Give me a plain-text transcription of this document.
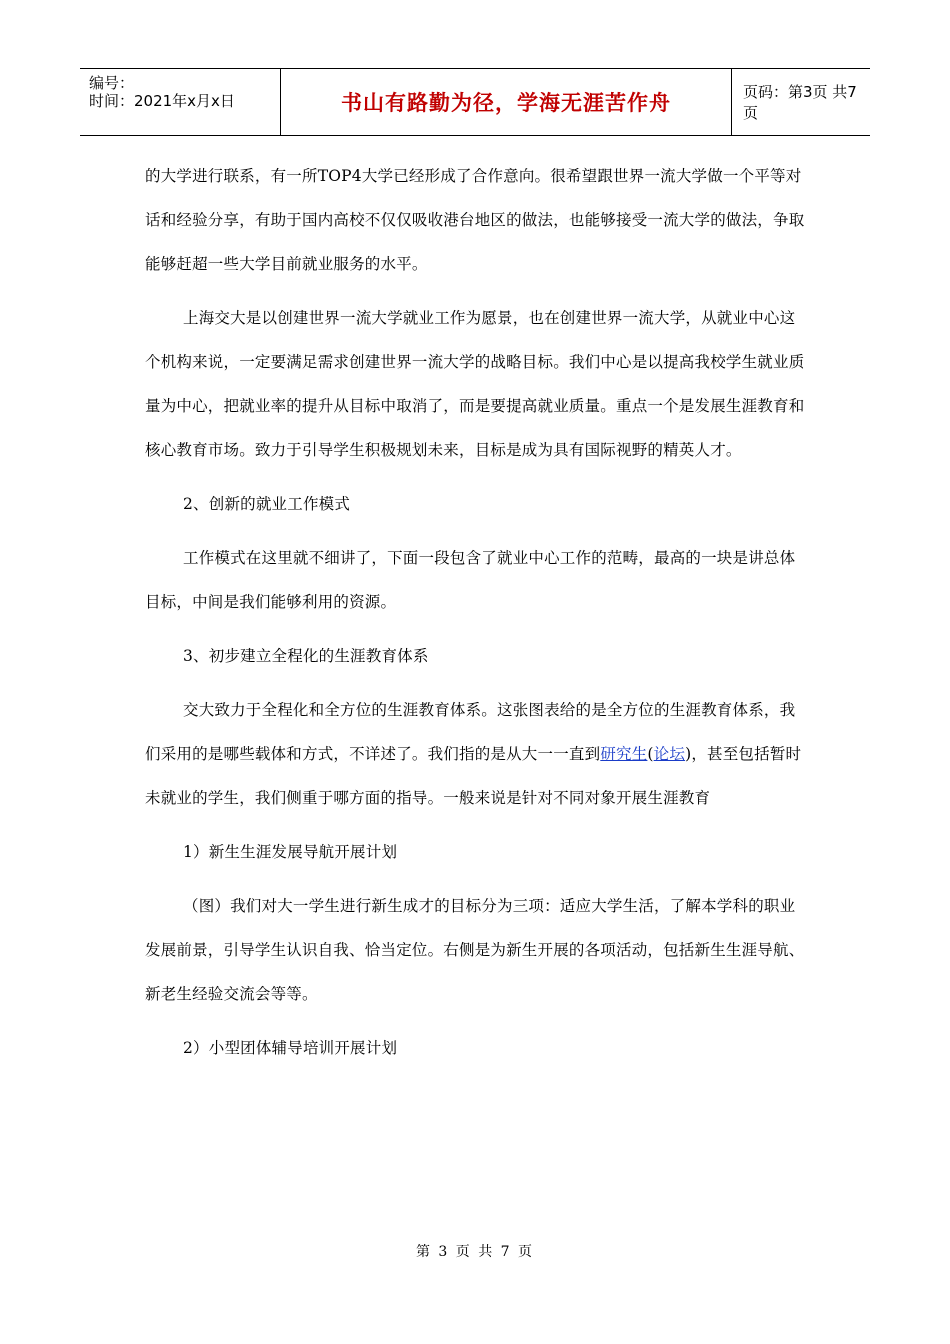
编号：
时间：2021年x月x日	书山有路勤为径，学海无涯苦作舟	页码：第3页 共7页

的大学进行联系，有一所TOP4大学已经形成了合作意向。很希望跟世界一流大学做一个平等对话和经验分享，有助于国内高校不仅仅吸收港台地区的做法，也能够接受一流大学的做法，争取能够赶超一些大学目前就业服务的水平。

上海交大是以创建世界一流大学就业工作为愿景，也在创建世界一流大学，从就业中心这个机构来说，一定要满足需求创建世界一流大学的战略目标。我们中心是以提高我校学生就业质量为中心，把就业率的提升从目标中取消了，而是要提高就业质量。重点一个是发展生涯教育和核心教育市场。致力于引导学生积极规划未来，目标是成为具有国际视野的精英人才。

2、创新的就业工作模式

工作模式在这里就不细讲了，下面一段包含了就业中心工作的范畴，最高的一块是讲总体目标，中间是我们能够利用的资源。

3、初步建立全程化的生涯教育体系

交大致力于全程化和全方位的生涯教育体系。这张图表给的是全方位的生涯教育体系，我们采用的是哪些载体和方式，不详述了。我们指的是从大一一直到研究生(论坛)，甚至包括暂时未就业的学生，我们侧重于哪方面的指导。一般来说是针对不同对象开展生涯教育

1）新生生涯发展导航开展计划

（图）我们对大一学生进行新生成才的目标分为三项：适应大学生活，了解本学科的职业发展前景，引导学生认识自我、恰当定位。右侧是为新生开展的各项活动，包括新生生涯导航、新老生经验交流会等等。

2）小型团体辅导培训开展计划

第 3 页 共 7 页
